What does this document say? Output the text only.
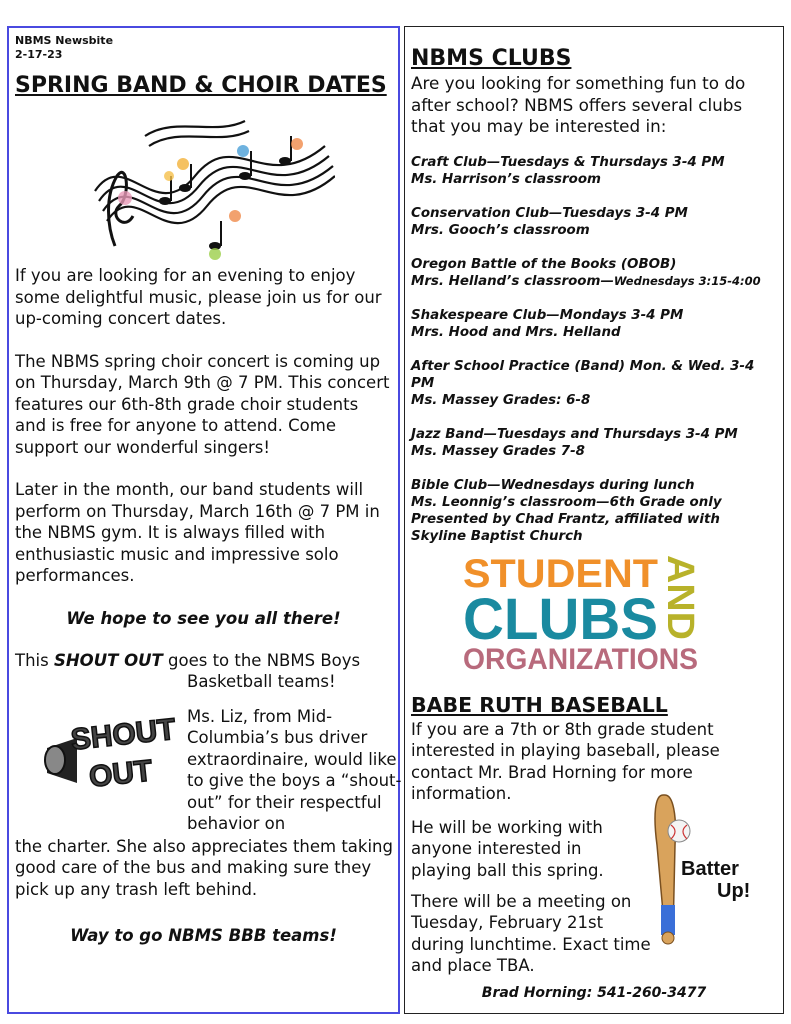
NBMS Newsbite
2-17-23
SPRING BAND & CHOIR DATES

If you are looking for an evening to enjoy some delightful music, please join us for our up-coming concert dates.

The NBMS spring choir concert is coming up on Thursday, March 9th @ 7 PM. This concert features our 6th-8th grade choir students and is free for anyone to attend. Come support our wonderful singers!

Later in the month, our band students will perform on Thursday, March 16th @ 7 PM in the NBMS gym. It is always filled with enthusiastic music and impressive solo performances.

We hope to see you all there!
This SHOUT OUT goes to the NBMS Boys
Basketball teams!
SHOUT
OUT
Ms. Liz, from Mid-Columbia’s bus driver extraordinaire, would like to give the boys a “shout-out” for their respectful behavior on
the charter. She also appreciates them taking good care of the bus and making sure they pick up any trash left behind.
Way to go NBMS BBB teams!
NBMS CLUBS

Are you looking for something fun to do after school? NBMS offers several clubs that you may be interested in:

Craft Club—Tuesdays & Thursdays 3-4 PM

Ms. Harrison’s classroom

Conservation Club—Tuesdays 3-4 PM

Mrs. Gooch’s classroom

Oregon Battle of the Books (OBOB)

Mrs. Helland’s classroom—Wednesdays 3:15-4:00

Shakespeare Club—Mondays 3-4 PM

Mrs. Hood and Mrs. Helland

After School Practice (Band) Mon. & Wed. 3-4 PM

Ms. Massey Grades: 6-8

Jazz Band—Tuesdays and Thursdays 3-4 PM

Ms. Massey Grades 7-8

Bible Club—Wednesdays during lunch

Ms. Leonnig’s classroom—6th Grade only

Presented by Chad Frantz, affiliated with

Skyline Baptist Church

STUDENT
CLUBS
ORGANIZATIONS
AND
BABE RUTH BASEBALL

If you are a 7th or 8th grade student interested in playing baseball, please contact Mr. Brad Horning for more information.

He will be working with anyone interested in playing ball this spring.

There will be a meeting on Tuesday, February 21st during lunchtime. Exact time and place TBA.

Batter
Up!
Brad Horning: 541-260-3477
